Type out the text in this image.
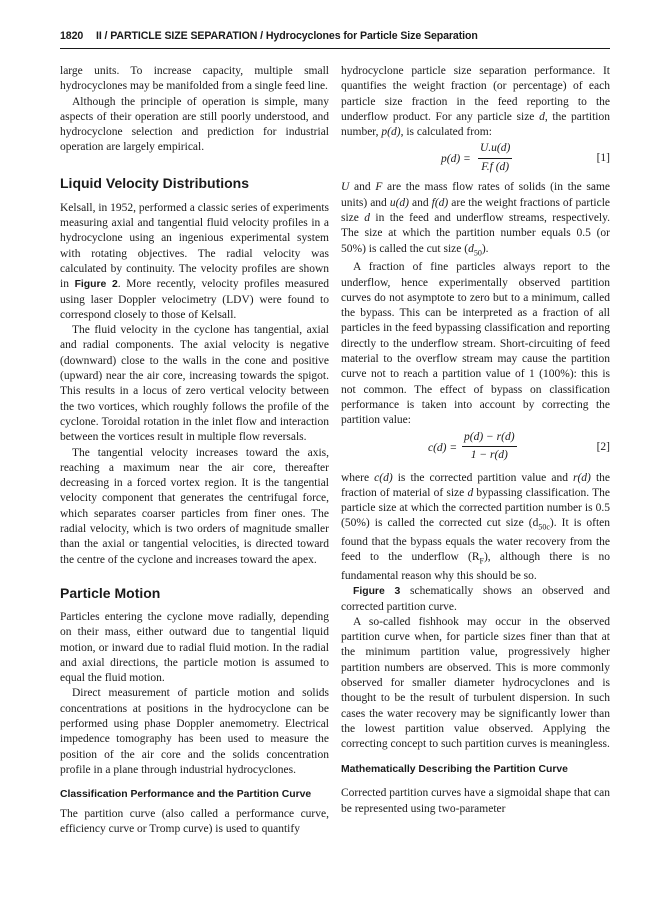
1820 II / PARTICLE SIZE SEPARATION / Hydrocyclones for Particle Size Separation

large units. To increase capacity, multiple small hydrocyclones may be manifolded from a single feed line.

Although the principle of operation is simple, many aspects of their operation are still poorly understood, and hydrocyclone selection and prediction for industrial operation are largely empirical.

Liquid Velocity Distributions

Kelsall, in 1952, performed a classic series of experiments measuring axial and tangential fluid velocity profiles in a hydrocyclone using an ingenious experimental system with rotating objectives. The radial velocity was calculated by continuity. The velocity profiles are shown in Figure 2. More recently, velocity profiles measured using laser Doppler velocimetry (LDV) were found to correspond closely to those of Kelsall.

The fluid velocity in the cyclone has tangential, axial and radial components. The axial velocity is negative (downward) close to the walls in the cone and positive (upward) near the air core, increasing towards the spigot. This results in a locus of zero vertical velocity between the two vortices, which roughly follows the profile of the cyclone. Toroidal rotation in the inlet flow and interaction between the vortices result in multiple flow reversals.

The tangential velocity increases toward the axis, reaching a maximum near the air core, thereafter decreasing in a forced vortex region. It is the tangential velocity component that generates the centrifugal force, which separates coarser particles from finer ones. The radial velocity, which is two orders of magnitude smaller than the axial or tangential velocities, is directed toward the centre of the cyclone and increases toward the apex.

Particle Motion

Particles entering the cyclone move radially, depending on their mass, either outward due to tangential liquid motion, or inward due to radial fluid motion. In the radial and axial directions, the particle motion is assumed to equal the fluid motion.

Direct measurement of particle motion and solids concentrations at positions in the hydrocyclone can be performed using phase Doppler anemometry. Electrical impedence tomography has been used to measure the position of the air core and the solids concentration profile in a plane through industrial hydrocyclones.

Classification Performance and the Partition Curve

The partition curve (also called a performance curve, efficiency curve or Tromp curve) is used to quantify

hydrocyclone particle size separation performance. It quantifies the weight fraction (or percentage) of each particle size fraction in the feed reporting to the underflow product. For any particle size d, the partition number, p(d), is calculated from:

$p(d) = \frac{U.u(d)}{F.f (d)}$	[1]

U and F are the mass flow rates of solids (in the same units) and u(d) and f(d) are the weight fractions of particle size d in the feed and underflow streams, respectively. The size at which the partition number equals 0.5 (or 50%) is called the cut size $(d_{50})$.

A fraction of fine particles always report to the underflow, hence experimentally observed partition curves do not asymptote to zero but to a minimum, called the bypass. This can be interpreted as a fraction of all particles in the feed bypassing classification and reporting directly to the underflow stream. Short-circuiting of feed material to the overflow stream may cause the partition curve not to reach a partition value of 1 (100%): this is not common. The effect of bypass on classification performance is taken into account by correcting the partition value:

$c(d) = \frac{p(d) - r(d)}{1 - r(d)}$	[2]

where c(d) is the corrected partition value and r(d) the fraction of material of size d bypassing classification. The particle size at which the corrected partition number is 0.5 (50%) is called the corrected cut size $(d_{50c})$. It is often found that the bypass equals the water recovery from the feed to the underflow $(R_F)$, although there is no fundamental reason why this should be so.

Figure 3 schematically shows an observed and corrected partition curve.

A so-called fishhook may occur in the observed partition curve when, for particle sizes finer than that at the minimum partition value, progressively higher partition numbers are observed. This is more commonly observed for smaller diameter hydrocyclones and is thought to be the result of turbulent dispersion. In such cases the water recovery may be significantly lower than the lowest partition value observed. Applying the correcting concept to such partition curves is meaningless.

Mathematically Describing the Partition Curve

Corrected partition curves have a sigmoidal shape that can be represented using two-parameter
